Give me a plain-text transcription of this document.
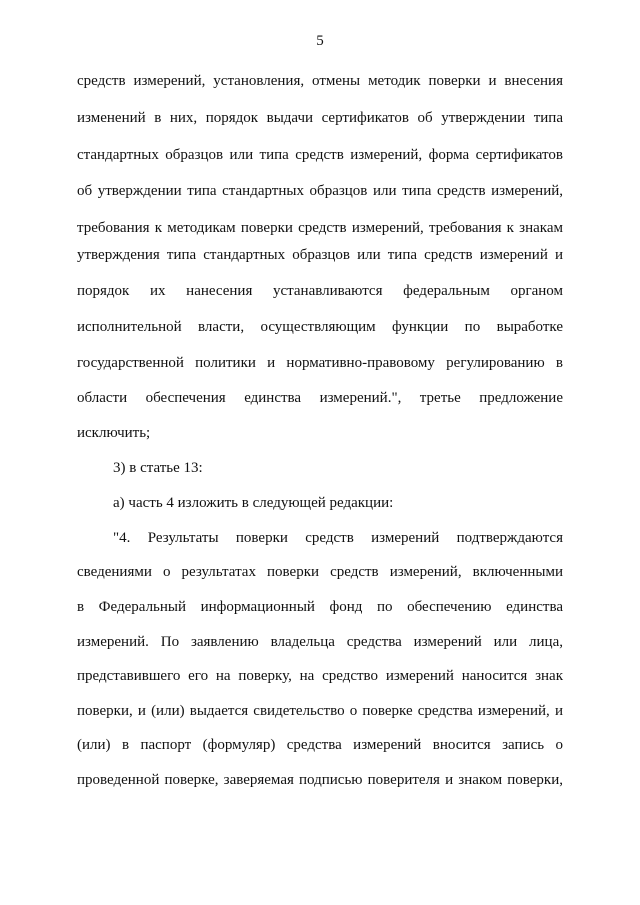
5
средств измерений, установления, отмены методик поверки и внесения
изменений в них, порядок выдачи сертификатов об утверждении типа
стандартных образцов или типа средств измерений, форма сертификатов
об утверждении типа стандартных образцов или типа средств измерений,
требования к методикам поверки средств измерений, требования к знакам
утверждения типа стандартных образцов или типа средств измерений и
порядок их нанесения устанавливаются федеральным органом
исполнительной власти, осуществляющим функции по выработке
государственной политики и нормативно-правовому регулированию в
области обеспечения единства измерений.", третье предложение
исключить;
3) в статье 13:
а) часть 4 изложить в следующей редакции:
"4. Результаты поверки средств измерений подтверждаются
сведениями о результатах поверки средств измерений, включенными
в Федеральный информационный фонд по обеспечению единства
измерений. По заявлению владельца средства измерений или лица,
представившего его на поверку, на средство измерений наносится знак
поверки, и (или) выдается свидетельство о поверке средства измерений, и
(или) в паспорт (формуляр) средства измерений вносится запись о
проведенной поверке, заверяемая подписью поверителя и знаком поверки,
